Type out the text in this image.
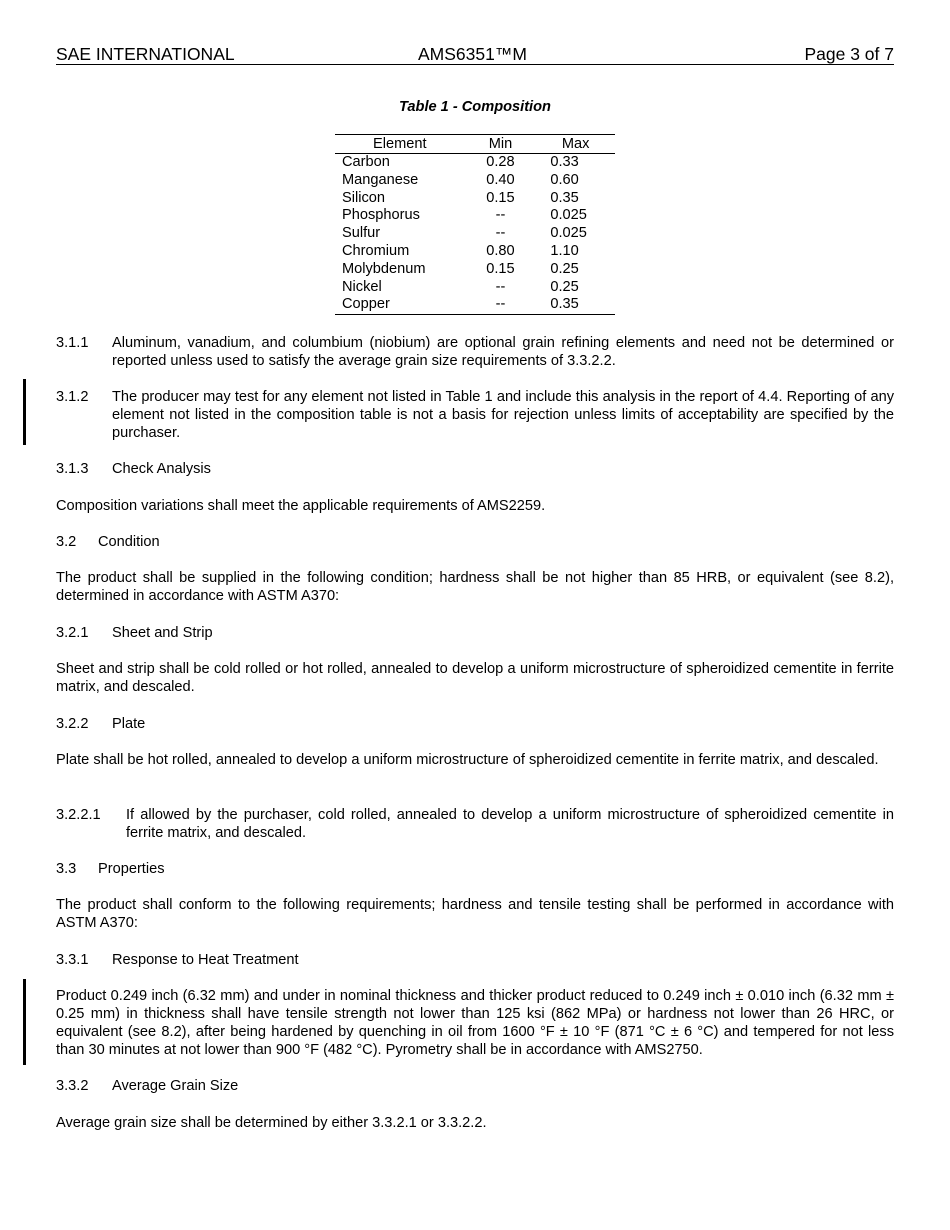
SAE INTERNATIONAL	AMS6351™M	Page 3 of 7
Table 1 - Composition
Element	Min	Max
Carbon	0.28	0.33
Manganese	0.40	0.60
Silicon	0.15	0.35
Phosphorus	--	0.025
Sulfur	--	0.025
Chromium	0.80	1.10
Molybdenum	0.15	0.25
Nickel	--	0.25
Copper	--	0.35
3.1.1 Aluminum, vanadium, and columbium (niobium) are optional grain refining elements and need not be determined or reported unless used to satisfy the average grain size requirements of 3.3.2.2.
3.1.2 The producer may test for any element not listed in Table 1 and include this analysis in the report of 4.4. Reporting of any element not listed in the composition table is not a basis for rejection unless limits of acceptability are specified by the purchaser.
3.1.3 Check Analysis
Composition variations shall meet the applicable requirements of AMS2259.
3.2 Condition
The product shall be supplied in the following condition; hardness shall be not higher than 85 HRB, or equivalent (see 8.2), determined in accordance with ASTM A370:
3.2.1 Sheet and Strip
Sheet and strip shall be cold rolled or hot rolled, annealed to develop a uniform microstructure of spheroidized cementite in ferrite matrix, and descaled.
3.2.2 Plate
Plate shall be hot rolled, annealed to develop a uniform microstructure of spheroidized cementite in ferrite matrix, and descaled.
3.2.2.1 If allowed by the purchaser, cold rolled, annealed to develop a uniform microstructure of spheroidized cementite in ferrite matrix, and descaled.
3.3 Properties
The product shall conform to the following requirements; hardness and tensile testing shall be performed in accordance with ASTM A370:
3.3.1 Response to Heat Treatment
Product 0.249 inch (6.32 mm) and under in nominal thickness and thicker product reduced to 0.249 inch ± 0.010 inch (6.32 mm ± 0.25 mm) in thickness shall have tensile strength not lower than 125 ksi (862 MPa) or hardness not lower than 26 HRC, or equivalent (see 8.2), after being hardened by quenching in oil from 1600 °F ± 10 °F (871 °C ± 6 °C) and tempered for not less than 30 minutes at not lower than 900 °F (482 °C). Pyrometry shall be in accordance with AMS2750.
3.3.2 Average Grain Size
Average grain size shall be determined by either 3.3.2.1 or 3.3.2.2.
